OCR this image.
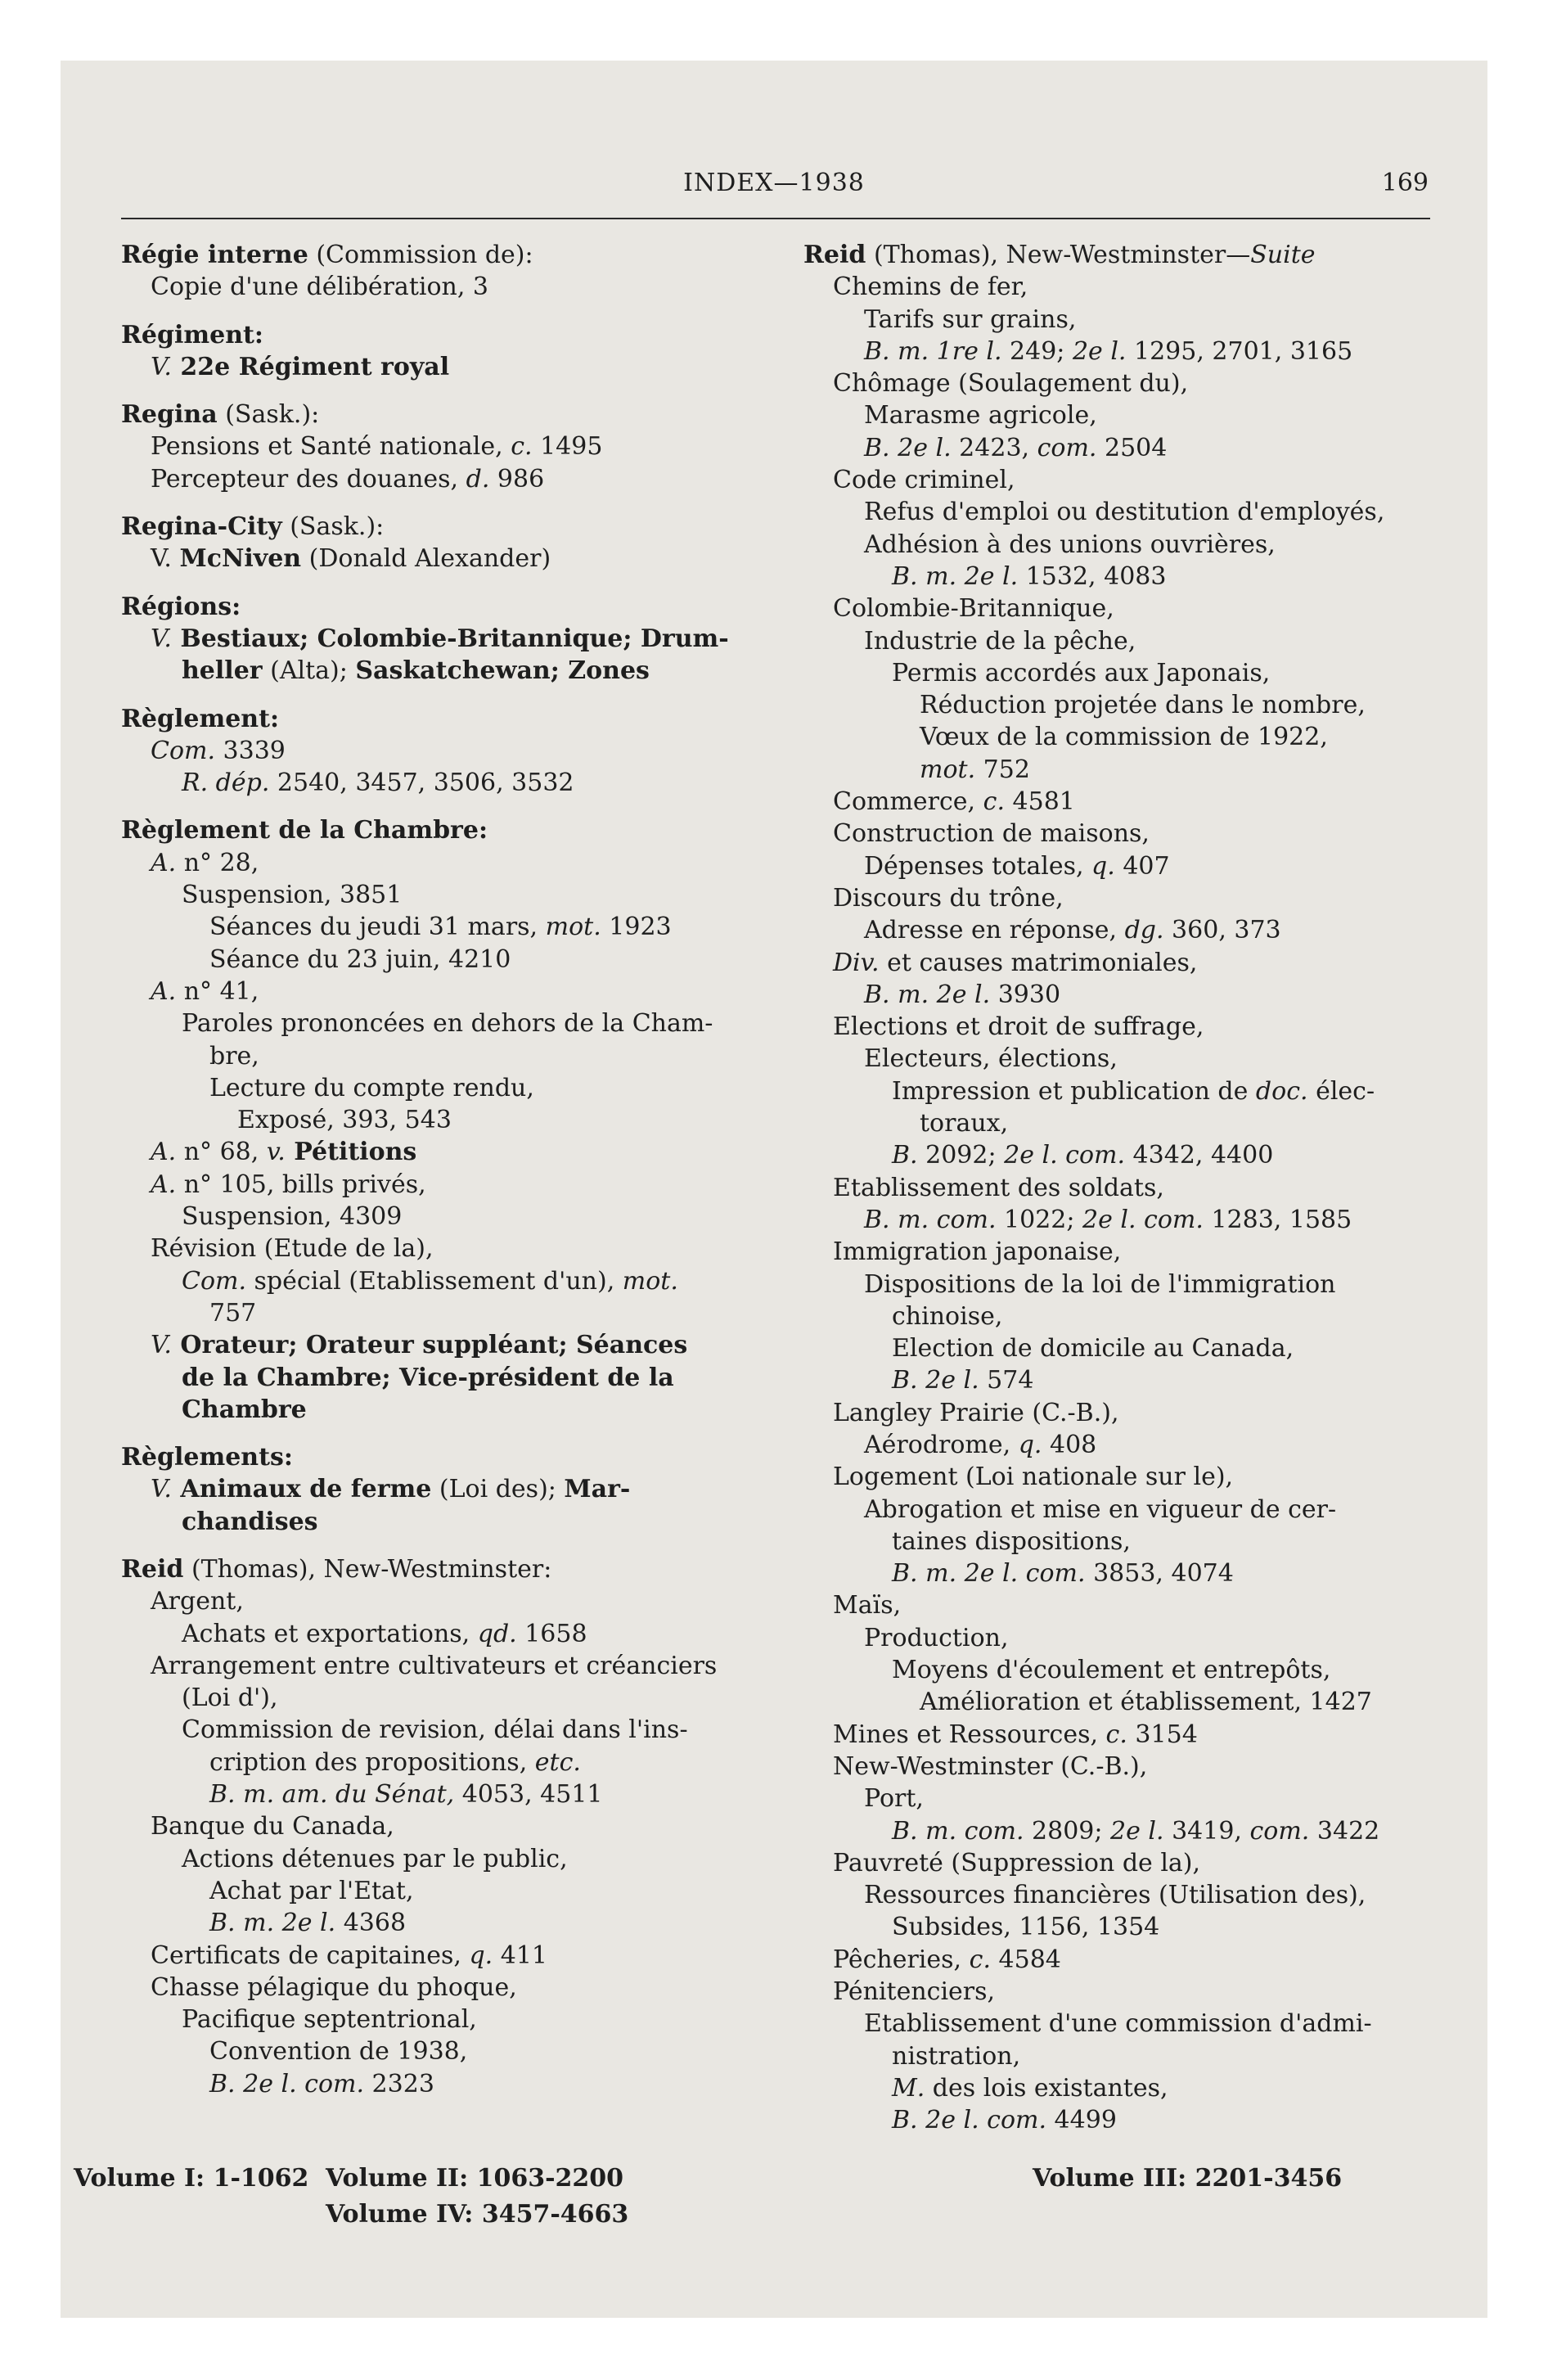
INDEX—1938	169
Régie interne (Commission de):
Copie d'une délibération, 3
Régiment:
V. 22e Régiment royal
Regina (Sask.):
Pensions et Santé nationale, c. 1495
Percepteur des douanes, d. 986
Regina-City (Sask.):
V. McNiven (Donald Alexander)
Régions:
V. Bestiaux; Colombie-Britannique; Drum-
heller (Alta); Saskatchewan; Zones
Règlement:
Com. 3339
R. dép. 2540, 3457, 3506, 3532
Règlement de la Chambre:
A. n° 28,
Suspension, 3851
Séances du jeudi 31 mars, mot. 1923
Séance du 23 juin, 4210
A. n° 41,
Paroles prononcées en dehors de la Cham-
bre,
Lecture du compte rendu,
Exposé, 393, 543
A. n° 68, v. Pétitions
A. n° 105, bills privés,
Suspension, 4309
Révision (Etude de la),
Com. spécial (Etablissement d'un), mot.
757
V. Orateur; Orateur suppléant; Séances
de la Chambre; Vice-président de la
Chambre
Règlements:
V. Animaux de ferme (Loi des); Mar-
chandises
Reid (Thomas), New-Westminster:
Argent,
Achats et exportations, qd. 1658
Arrangement entre cultivateurs et créanciers
(Loi d'),
Commission de revision, délai dans l'ins-
cription des propositions, etc.
B. m. am. du Sénat, 4053, 4511
Banque du Canada,
Actions détenues par le public,
Achat par l'Etat,
B. m. 2e l. 4368
Certificats de capitaines, q. 411
Chasse pélagique du phoque,
Pacifique septentrional,
Convention de 1938,
B. 2e l. com. 2323
Reid (Thomas), New-Westminster—Suite
Chemins de fer,
Tarifs sur grains,
B. m. 1re l. 249; 2e l. 1295, 2701, 3165
Chômage (Soulagement du),
Marasme agricole,
B. 2e l. 2423, com. 2504
Code criminel,
Refus d'emploi ou destitution d'employés,
Adhésion à des unions ouvrières,
B. m. 2e l. 1532, 4083
Colombie-Britannique,
Industrie de la pêche,
Permis accordés aux Japonais,
Réduction projetée dans le nombre,
Vœux de la commission de 1922,
mot. 752
Commerce, c. 4581
Construction de maisons,
Dépenses totales, q. 407
Discours du trône,
Adresse en réponse, dg. 360, 373
Div. et causes matrimoniales,
B. m. 2e l. 3930
Elections et droit de suffrage,
Electeurs, élections,
Impression et publication de doc. élec-
toraux,
B. 2092; 2e l. com. 4342, 4400
Etablissement des soldats,
B. m. com. 1022; 2e l. com. 1283, 1585
Immigration japonaise,
Dispositions de la loi de l'immigration
chinoise,
Election de domicile au Canada,
B. 2e l. 574
Langley Prairie (C.-B.),
Aérodrome, q. 408
Logement (Loi nationale sur le),
Abrogation et mise en vigueur de cer-
taines dispositions,
B. m. 2e l. com. 3853, 4074
Maïs,
Production,
Moyens d'écoulement et entrepôts,
Amélioration et établissement, 1427
Mines et Ressources, c. 3154
New-Westminster (C.-B.),
Port,
B. m. com. 2809; 2e l. 3419, com. 3422
Pauvreté (Suppression de la),
Ressources financières (Utilisation des),
Subsides, 1156, 1354
Pêcheries, c. 4584
Pénitenciers,
Etablissement d'une commission d'admi-
nistration,
M. des lois existantes,
B. 2e l. com. 4499
Volume I: 1-1062 Volume II: 1063-2200	Volume III: 2201-3456
Volume IV: 3457-4663
